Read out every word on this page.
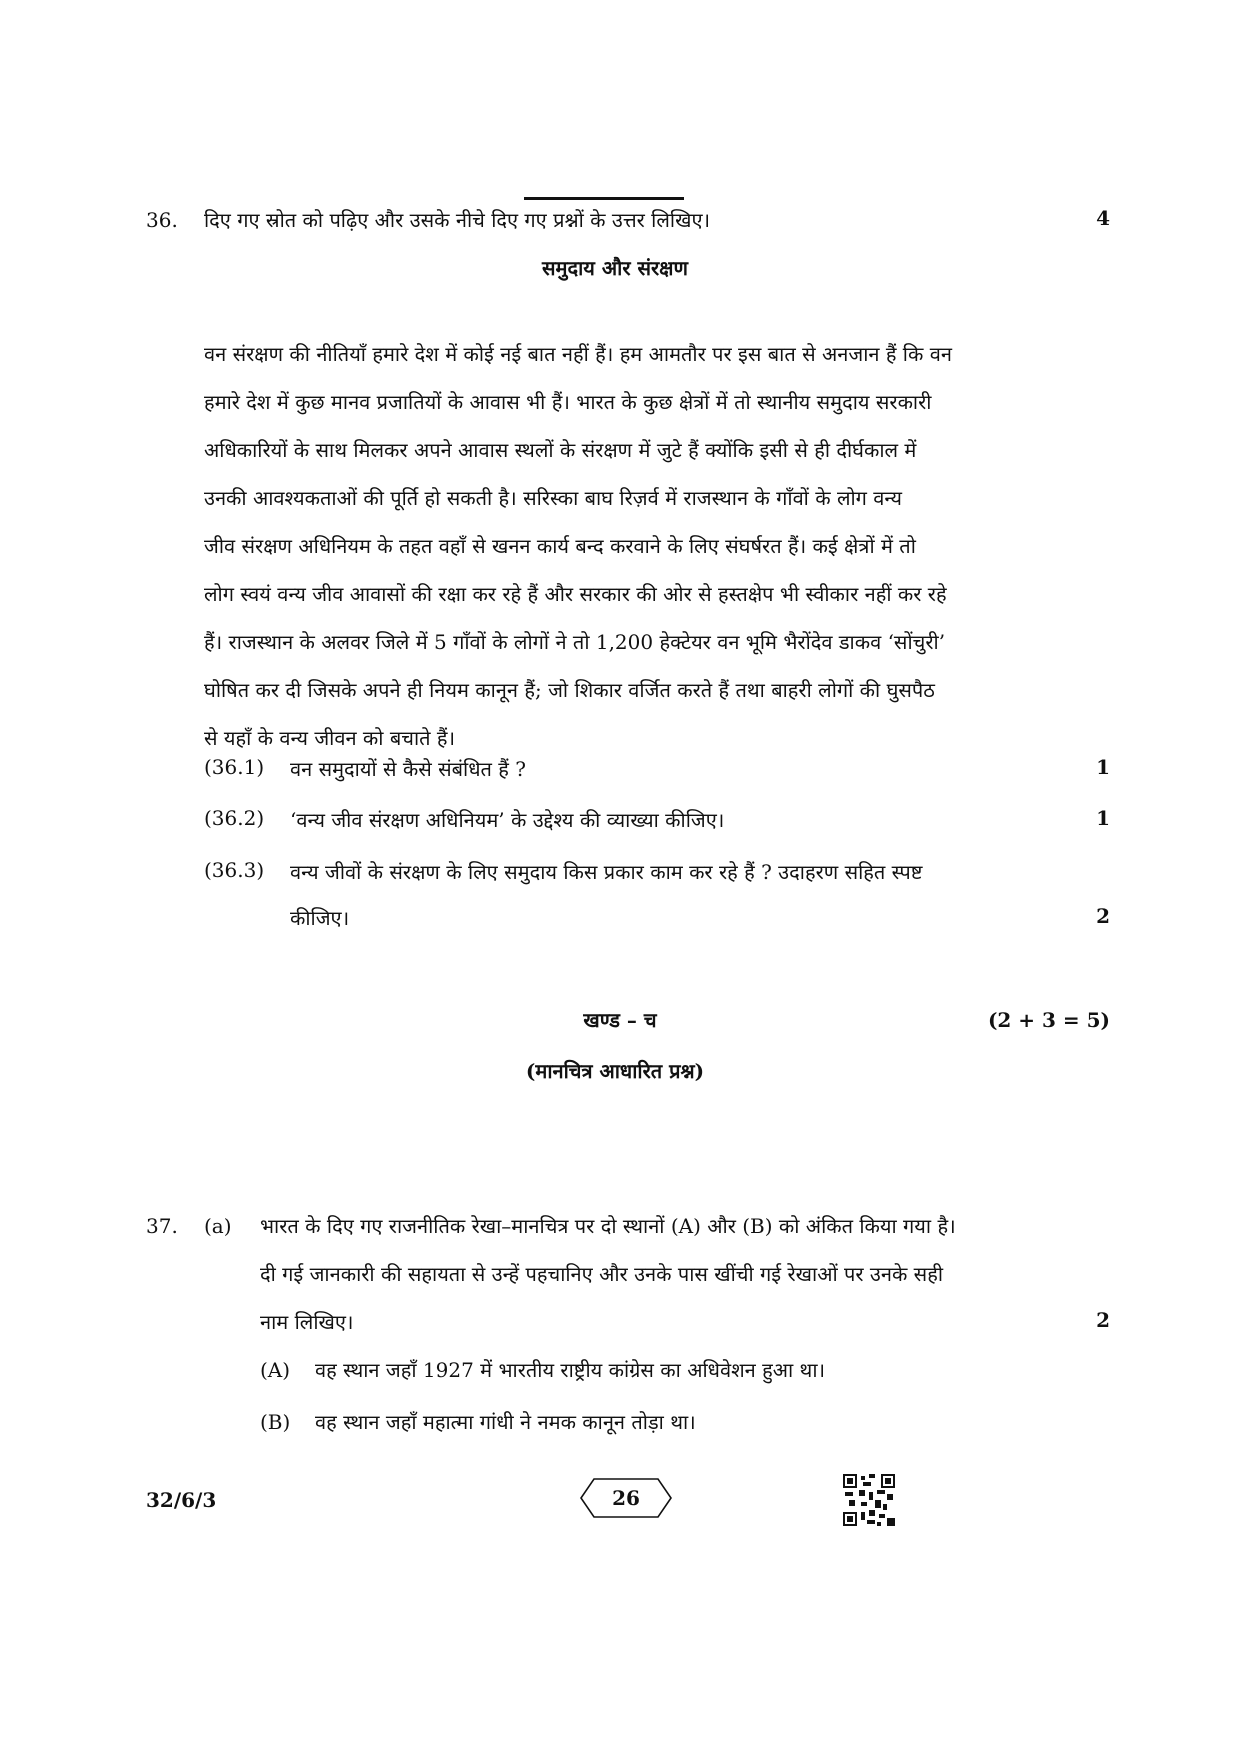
36. दिए गए स्रोत को पढ़िए और उसके नीचे दिए गए प्रश्नों के उत्तर लिखिए।	4
समुदाय और संरक्षण
वन संरक्षण की नीतियाँ हमारे देश में कोई नई बात नहीं हैं। हम आमतौर पर इस बात से अनजान हैं कि वन
हमारे देश में कुछ मानव प्रजातियों के आवास भी हैं। भारत के कुछ क्षेत्रों में तो स्थानीय समुदाय सरकारी
अधिकारियों के साथ मिलकर अपने आवास स्थलों के संरक्षण में जुटे हैं क्योंकि इसी से ही दीर्घकाल में
उनकी आवश्यकताओं की पूर्ति हो सकती है। सरिस्का बाघ रिज़र्व में राजस्थान के गाँवों के लोग वन्य
जीव संरक्षण अधिनियम के तहत वहाँ से खनन कार्य बन्द करवाने के लिए संघर्षरत हैं। कई क्षेत्रों में तो
लोग स्वयं वन्य जीव आवासों की रक्षा कर रहे हैं और सरकार की ओर से हस्तक्षेप भी स्वीकार नहीं कर रहे
हैं। राजस्थान के अलवर जिले में 5 गाँवों के लोगों ने तो 1,200 हेक्टेयर वन भूमि भैरोंदेव डाकव ‘सोंचुरी’
घोषित कर दी जिसके अपने ही नियम कानून हैं; जो शिकार वर्जित करते हैं तथा बाहरी लोगों की घुसपैठ
से यहाँ के वन्य जीवन को बचाते हैं।
(36.1) वन समुदायों से कैसे संबंधित हैं ?	1
(36.2) ‘वन्य जीव संरक्षण अधिनियम’ के उद्देश्य की व्याख्या कीजिए।	1
(36.3) वन्य जीवों के संरक्षण के लिए समुदाय किस प्रकार काम कर रहे हैं ? उदाहरण सहित स्पष्ट
कीजिए।	2
खण्ड – च	(2 + 3 = 5)
(मानचित्र आधारित प्रश्न)
37. (a) भारत के दिए गए राजनीतिक रेखा–मानचित्र पर दो स्थानों (A) और (B) को अंकित किया गया है।
दी गई जानकारी की सहायता से उन्हें पहचानिए और उनके पास खींची गई रेखाओं पर उनके सही
नाम लिखिए।	2
(A) वह स्थान जहाँ 1927 में भारतीय राष्ट्रीय कांग्रेस का अधिवेशन हुआ था।
(B) वह स्थान जहाँ महात्मा गांधी ने नमक कानून तोड़ा था।
32/6/3	26
